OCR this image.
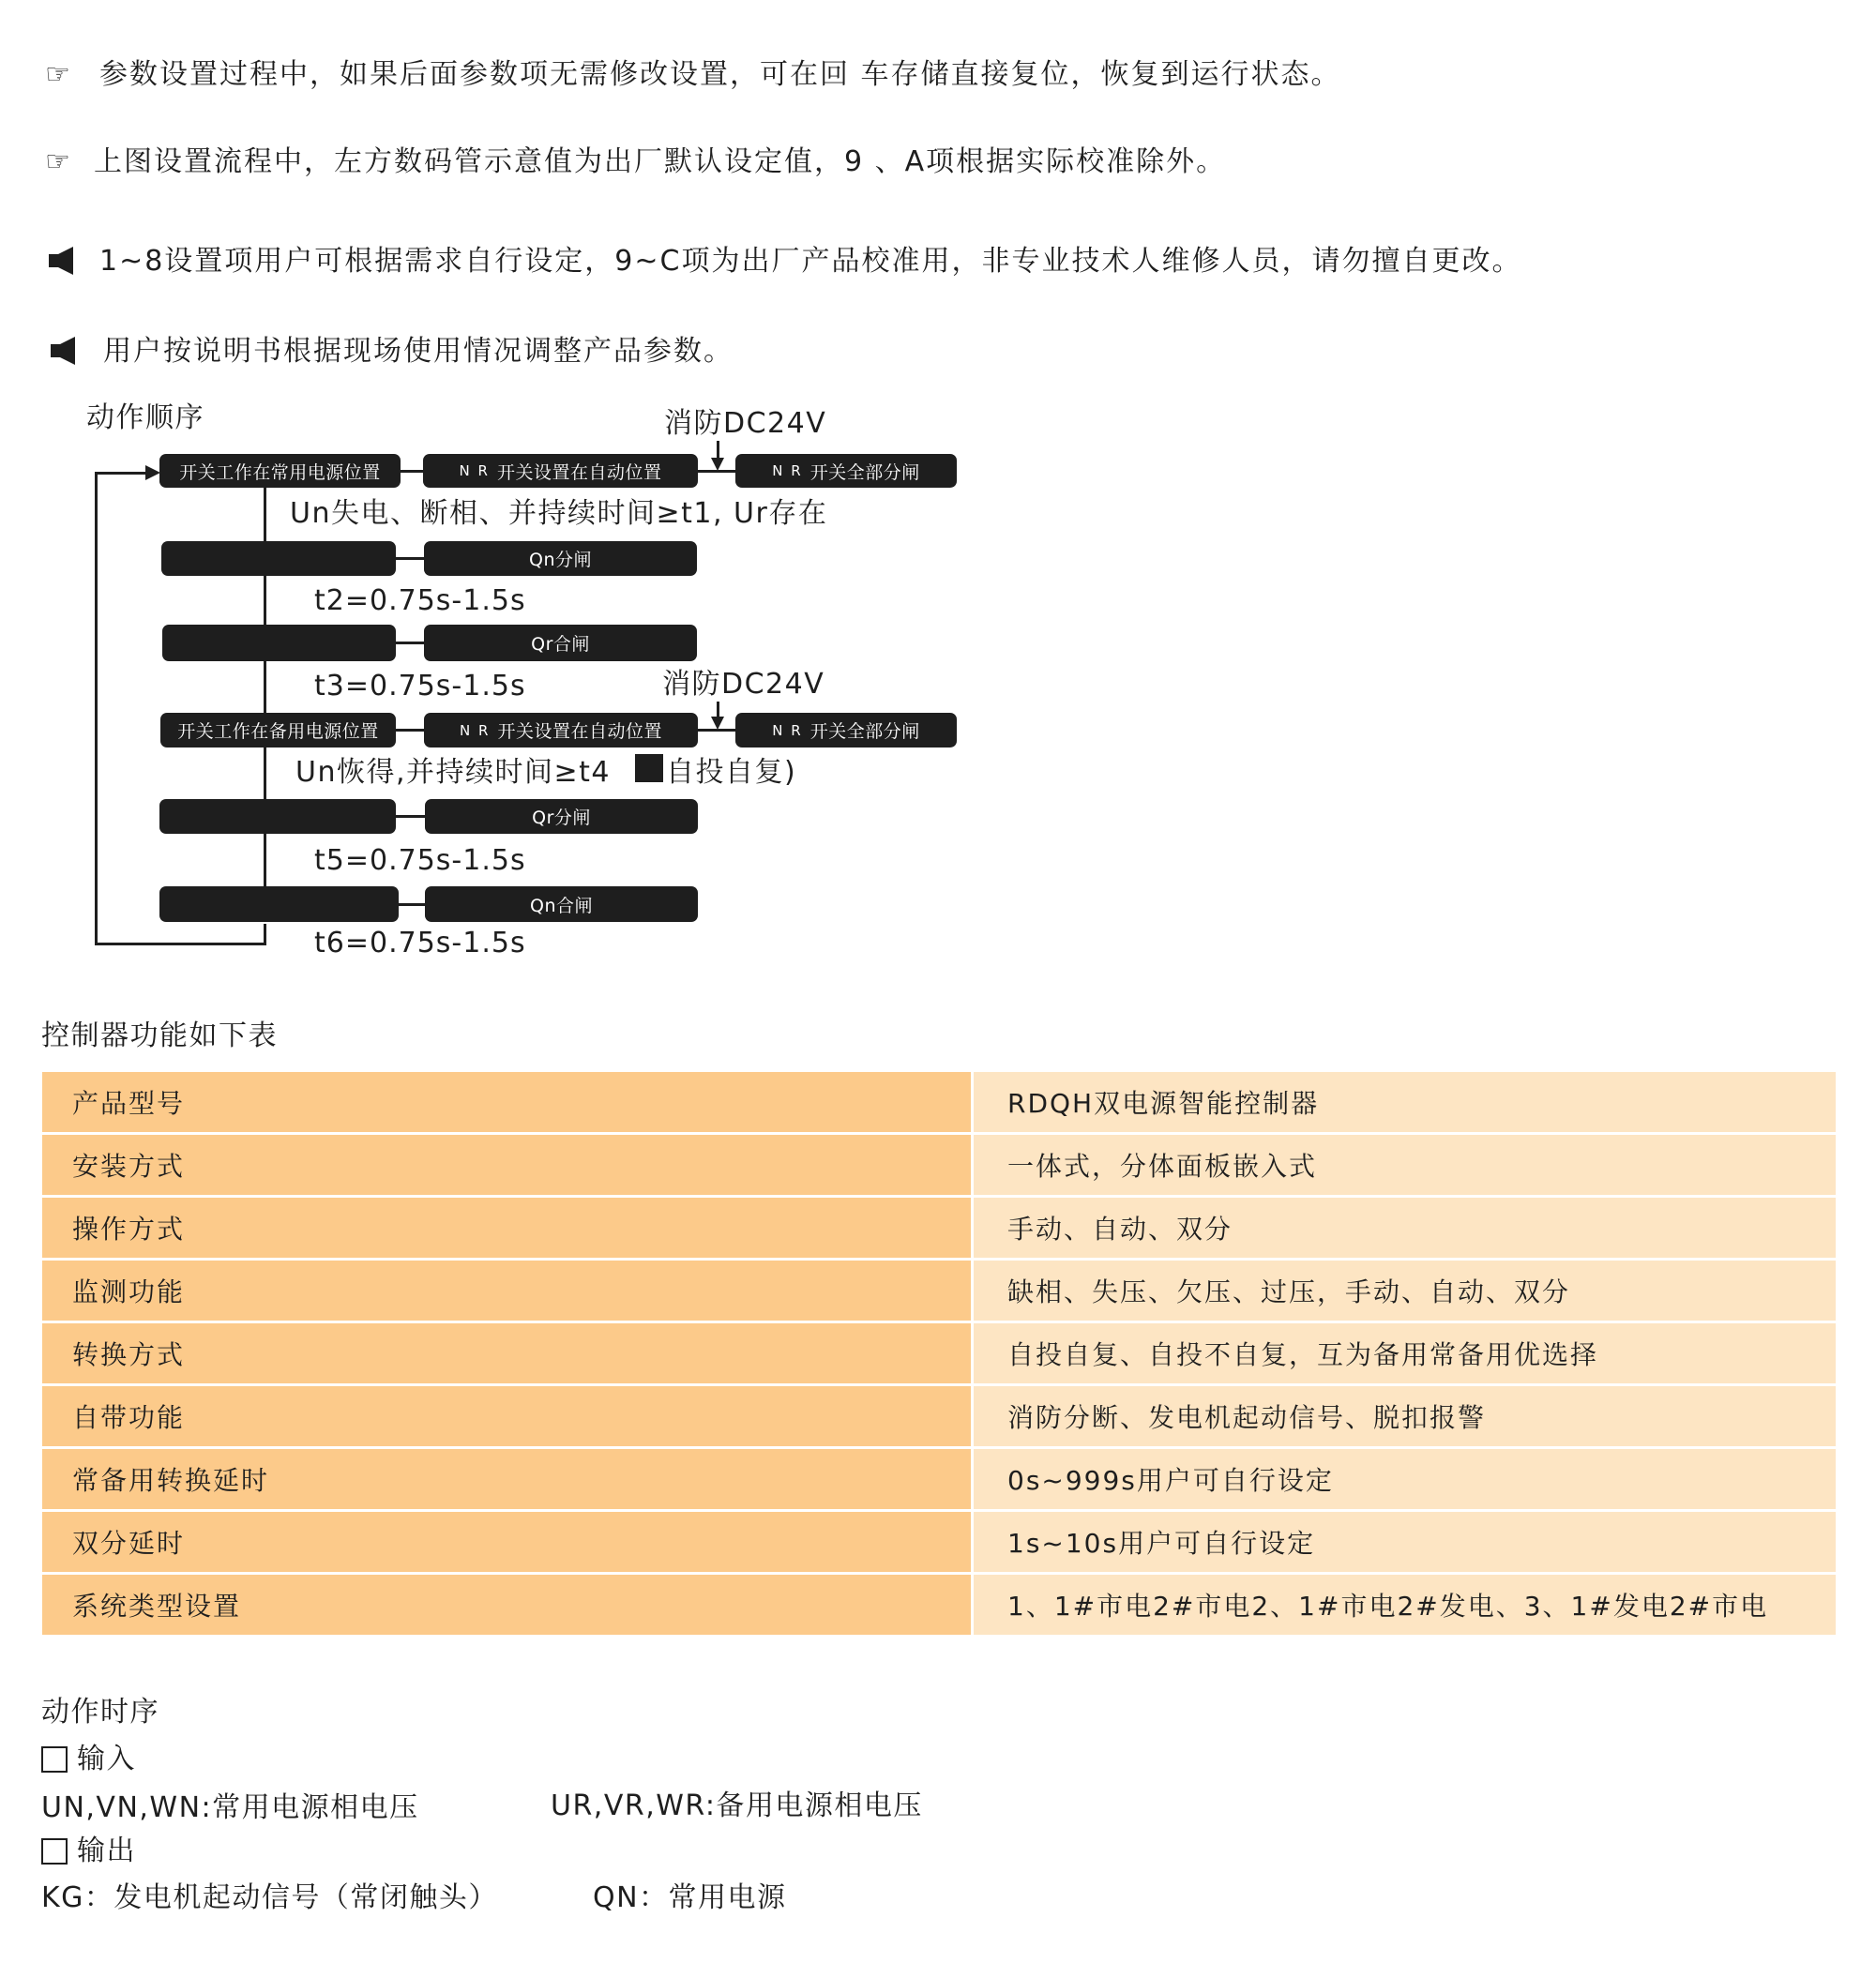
☞ 参数设置过程中，如果后面参数项无需修改设置，可在回 车存储直接复位，恢复到运行状态。
☞ 上图设置流程中，左方数码管示意值为出厂默认设定值，9 、A项根据实际校准除外。
1~8设置项用户可根据需求自行设定，9~C项为出厂产品校准用，非专业技术人维修人员，请勿擅自更改。
用户按说明书根据现场使用情况调整产品参数。
动作顺序	消防DC24V
开关工作在常用电源位置	N R 开关设置在自动位置	N R 开关全部分闸
Un失电、断相、并持续时间≥t1, Ur存在
Qn分闸
t2=0.75s-1.5s
Qr合闸
t3=0.75s-1.5s	消防DC24V
开关工作在备用电源位置	N R 开关设置在自动位置	N R 开关全部分闸
Un恢得,并持续时间≥t4 自投自复)
Qr分闸
t5=0.75s-1.5s
Qn合闸
t6=0.75s-1.5s
控制器功能如下表
产品型号	RDQH双电源智能控制器
安装方式	一体式，分体面板嵌入式
操作方式	手动、自动、双分
监测功能	缺相、失压、欠压、过压，手动、自动、双分
转换方式	自投自复、自投不自复，互为备用常备用优选择
自带功能	消防分断、发电机起动信号、脱扣报警
常备用转换延时	0s~999s用户可自行设定
双分延时	1s~10s用户可自行设定
系统类型设置	1、1#市电2#市电2、1#市电2#发电、3、1#发电2#市电
动作时序
输入
UN,VN,WN:常用电源相电压	UR,VR,WR:备用电源相电压
输出
KG：发电机起动信号（常闭触头）	QN：常用电源
